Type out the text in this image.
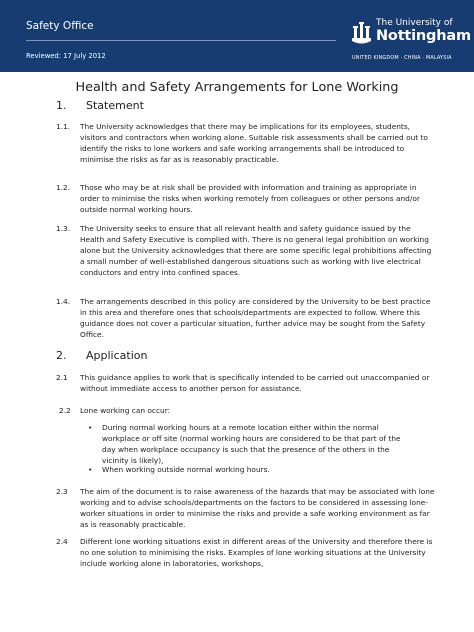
Safety Office
Reviewed: 17 July 2012
The University of
Nottingham
UNITED KINGDOM · CHINA · MALAYSIA
Health and Safety Arrangements for Lone Working
1. Statement
1.1. The University acknowledges that there may be implications for its employees, students, visitors and contractors when working alone. Suitable risk assessments shall be carried out to identify the risks to lone workers and safe working arrangements shall be introduced to minimise the risks as far as is reasonably practicable.
1.2. Those who may be at risk shall be provided with information and training as appropriate in order to minimise the risks when working remotely from colleagues or other persons and/or outside normal working hours.
1.3. The University seeks to ensure that all relevant health and safety guidance issued by the Health and Safety Executive is complied with. There is no general legal prohibition on working alone but the University acknowledges that there are some specific legal prohibitions affecting a small number of well-established dangerous situations such as working with live electrical conductors and entry into confined spaces.
1.4. The arrangements described in this policy are considered by the University to be best practice in this area and therefore ones that schools/departments are expected to follow. Where this guidance does not cover a particular situation, further advice may be sought from the Safety Office.
2. Application
2.1 This guidance applies to work that is specifically intended to be carried out unaccompanied or without immediate access to another person for assistance.
2.2 Lone working can occur:
• During normal working hours at a remote location either within the normal workplace or off site (normal working hours are considered to be that part of the day when workplace occupancy is such that the presence of the others in the vicinity is likely),
• When working outside normal working hours.
2.3 The aim of the document is to raise awareness of the hazards that may be associated with lone working and to advise schools/departments on the factors to be considered in assessing lone-worker situations in order to minimise the risks and provide a safe working environment as far as is reasonably practicable.
2.4 Different lone working situations exist in different areas of the University and therefore there is no one solution to minimising the risks. Examples of lone working situations at the University include working alone in laboratories, workshops,
